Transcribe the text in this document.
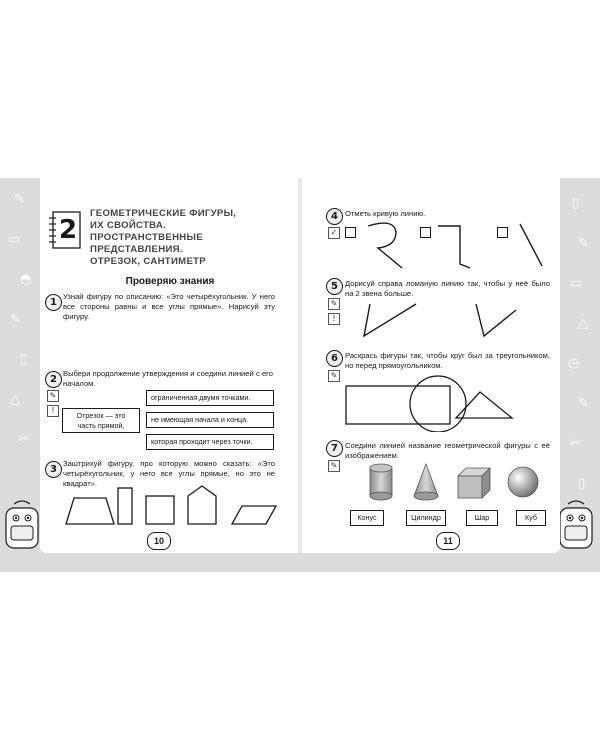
✎
▭
◓
✎
▯
△
✂
▯
✎
▭
△
◷
✎
✂
▯
2
ГЕОМЕТРИЧЕСКИЕ ФИГУРЫ,
ИХ СВОЙСТВА.
ПРОСТРАНСТВЕННЫЕ
ПРЕДСТАВЛЕНИЯ.
ОТРЕЗОК, САНТИМЕТР
Проверяю знания
1
Узнай фигуру по описанию: «Это четырёхугольник. У него все стороны равны и все углы прямые». Нарисуй эту фигуру.
2
Выбери продолжение утверждения и соедини линией с его началом.
✎
!
Отрезок — это часть прямой,
ограниченная двумя точками.
не имеющая начала и конца.
которая проходит через точки.
3
Заштрихуй фигуру, про которую можно сказать: «Это четырёхугольник, у него все углы прямые, но это не квадрат».
10
4 Отметь кривую линию.
✓
5 Дорисуй справа ломаную линию так, чтобы у неё было на 2 звена больше.
✎
!
6 Раскрась фигуры так, чтобы круг был за треугольником, но перед прямоугольником.
✎
7 Соедини линией название геометрической фигуры с её изображением.
✎
Конус	Цилиндр	Шар	Куб
11
